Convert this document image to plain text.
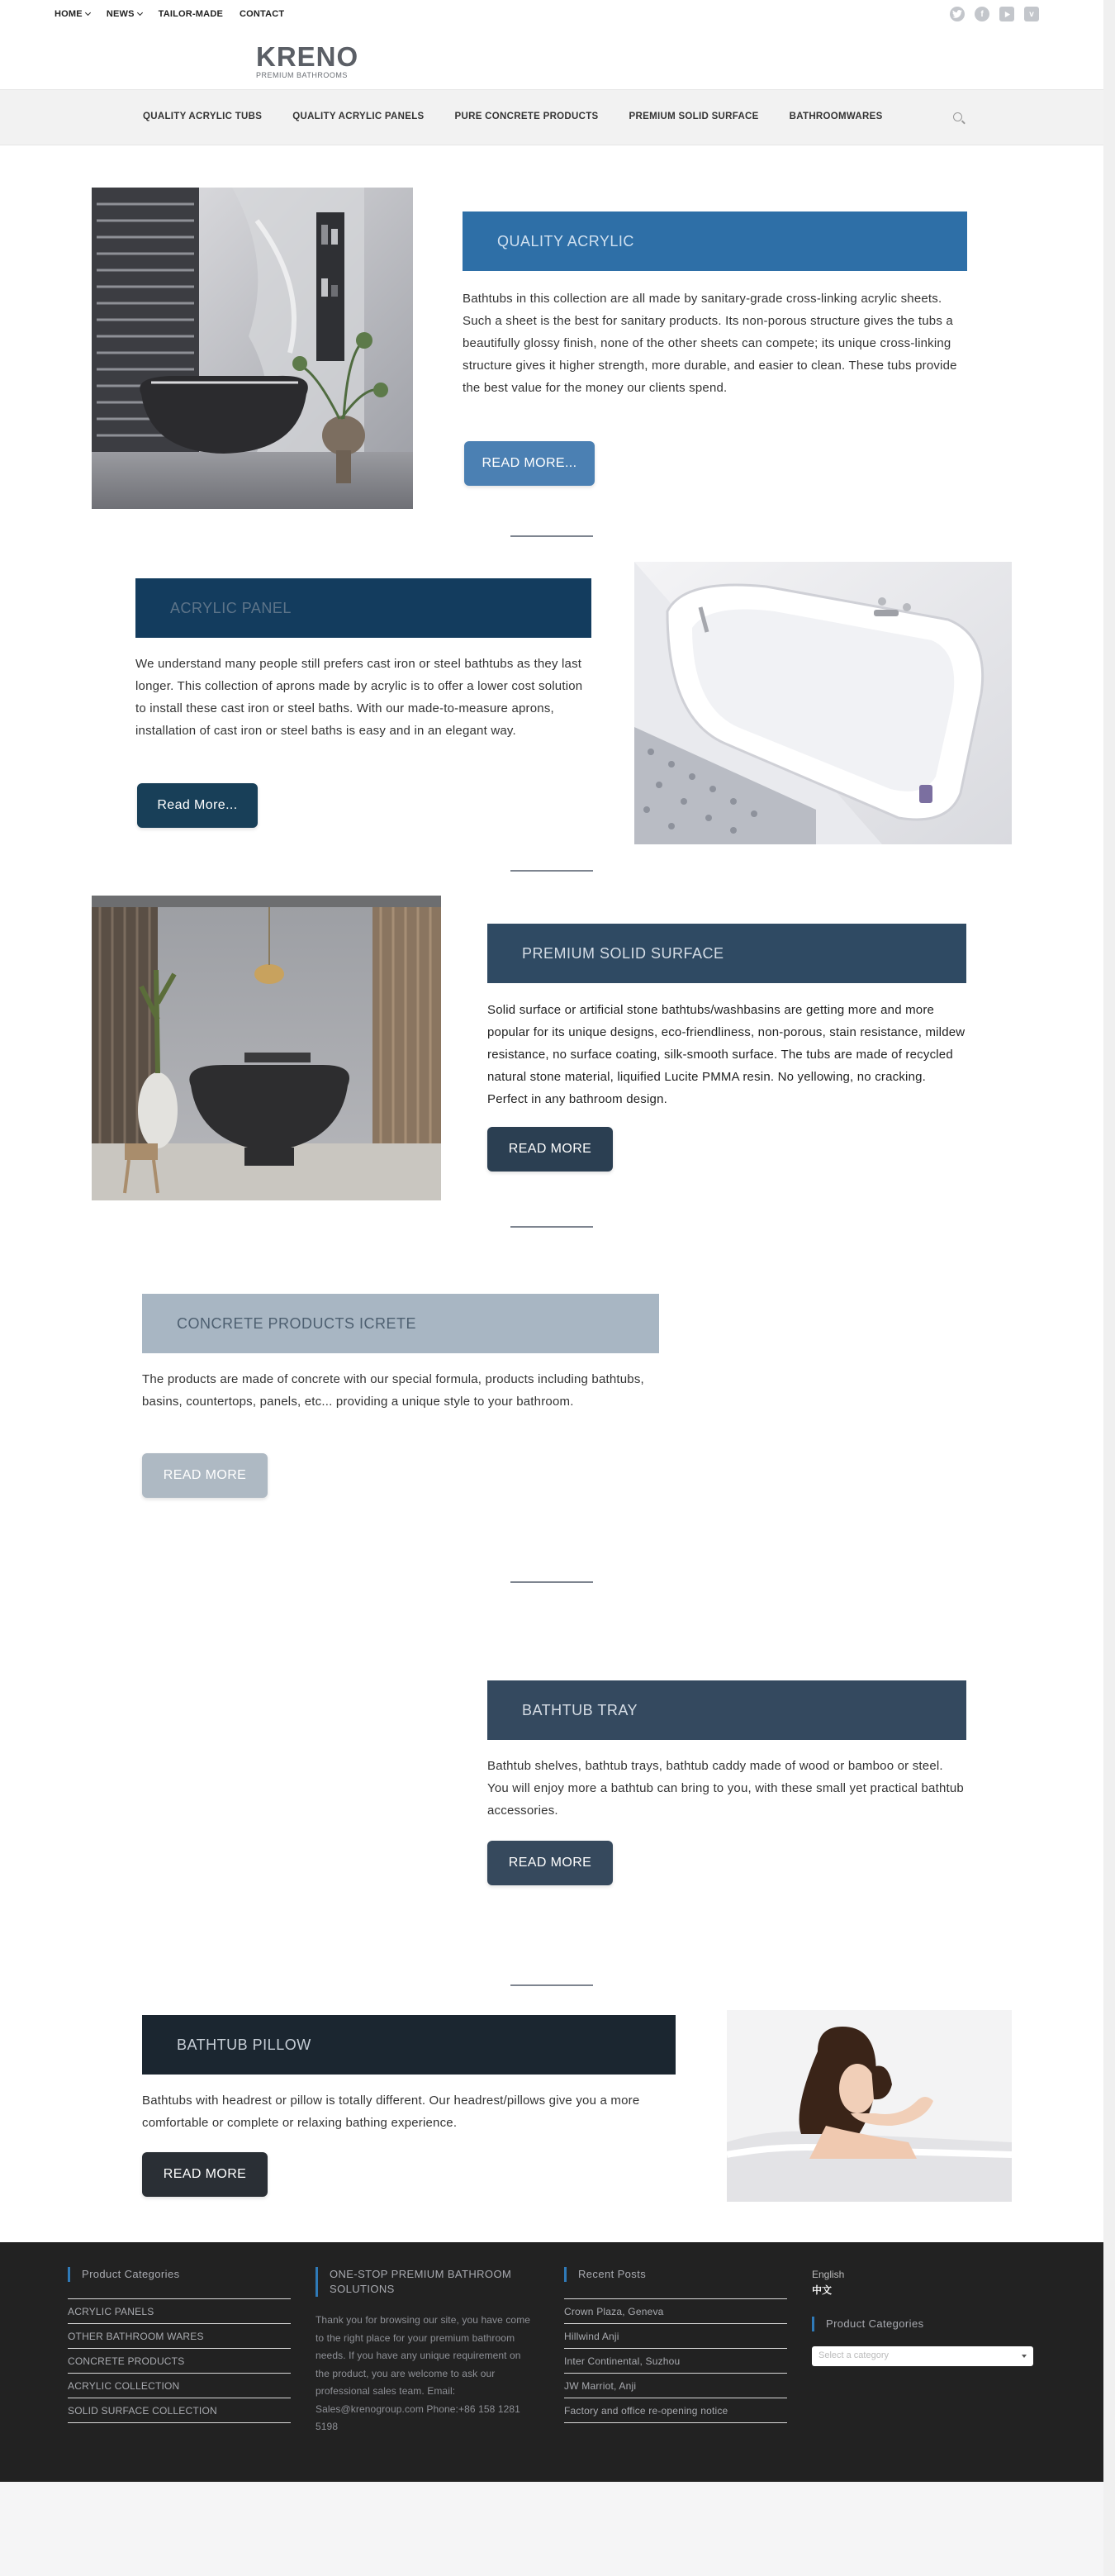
HOME	NEWS	TAILOR-MADE CONTACT	f	v
KRENO
PREMIUM BATHROOMS
QUALITY ACRYLIC TUBS	QUALITY ACRYLIC PANELS	PURE CONCRETE PRODUCTS	PREMIUM SOLID SURFACE	BATHROOMWARES
QUALITY ACRYLIC
Bathtubs in this collection are all made by sanitary-grade cross-linking acrylic sheets. Such a sheet is the best for sanitary products. Its non-porous structure gives the tubs a beautifully glossy finish, none of the other sheets can compete; its unique cross-linking structure gives it higher strength, more durable, and easier to clean. These tubs provide the best value for the money our clients spend.
READ MORE...
ACRYLIC PANEL
We understand many people still prefers cast iron or steel bathtubs as they last longer. This collection of aprons made by acrylic is to offer a lower cost solution to install these cast iron or steel baths. With our made-to-measure aprons, installation of cast iron or steel baths is easy and in an elegant way.
Read More...
PREMIUM SOLID SURFACE
Solid surface or artificial stone bathtubs/washbasins are getting more and more popular for its unique designs, eco-friendliness, non-porous, stain resistance, mildew resistance, no surface coating, silk-smooth surface. The tubs are made of recycled natural stone material, liquified Lucite PMMA resin. No yellowing, no cracking. Perfect in any bathroom design.
READ MORE
CONCRETE PRODUCTS ICRETE
The products are made of concrete with our special formula, products including bathtubs, basins, countertops, panels, etc... providing a unique style to your bathroom.
READ MORE
BATHTUB TRAY
Bathtub shelves, bathtub trays, bathtub caddy made of wood or bamboo or steel. You will enjoy more a bathtub can bring to you, with these small yet practical bathtub accessories.
READ MORE
BATHTUB PILLOW
Bathtubs with headrest or pillow is totally different. Our headrest/pillows give you a more comfortable or complete or relaxing bathing experience.
READ MORE
Product Categories
ACRYLIC PANELS
OTHER BATHROOM WARES
CONCRETE PRODUCTS
ACRYLIC COLLECTION
SOLID SURFACE COLLECTION
ONE-STOP PREMIUM BATHROOM SOLUTIONS
Thank you for browsing our site, you have come to the right place for your premium bathroom needs. If you have any unique requirement on the product, you are welcome to ask our professional sales team. Email: Sales@krenogroup.com Phone:+86 158 1281 5198
Recent Posts
Crown Plaza, Geneva
Hillwind Anji
Inter Continental, Suzhou
JW Marriot, Anji
Factory and office re-opening notice
English
中文
Product Categories
Select a category
